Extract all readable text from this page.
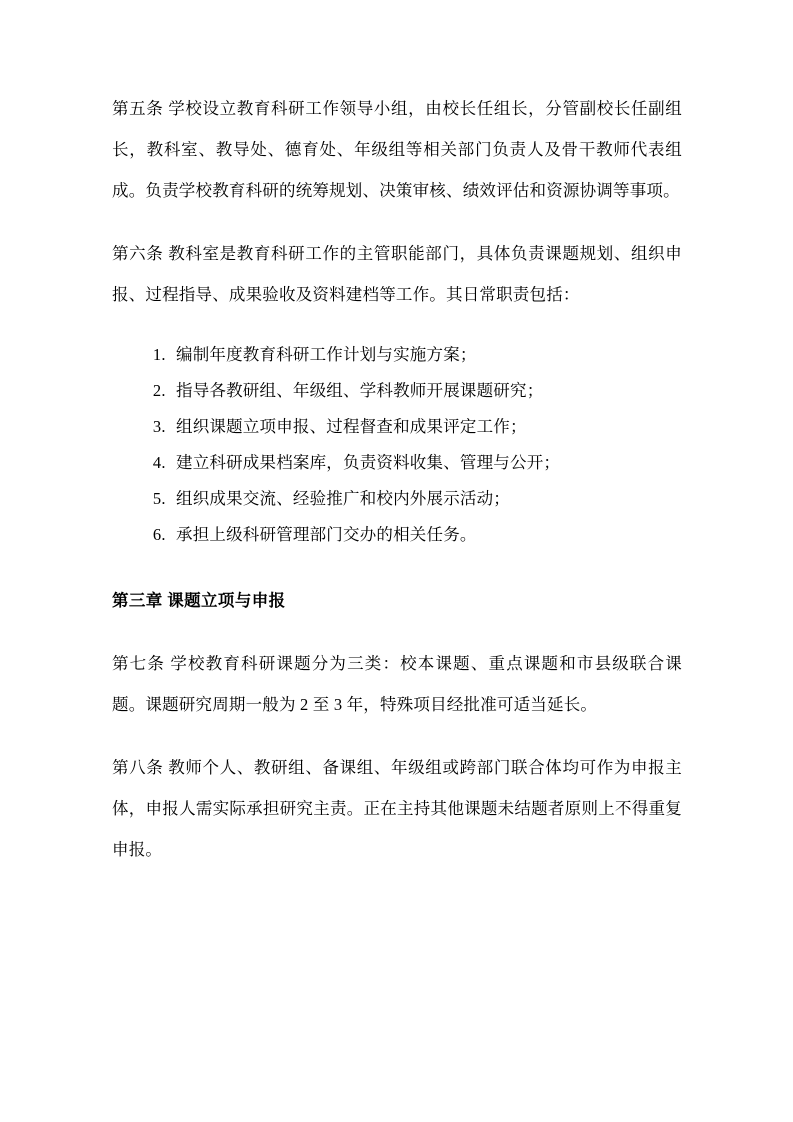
第五条 学校设立教育科研工作领导小组，由校长任组长，分管副校长任副组长，教科室、教导处、德育处、年级组等相关部门负责人及骨干教师代表组成。负责学校教育科研的统筹规划、决策审核、绩效评估和资源协调等事项。

第六条 教科室是教育科研工作的主管职能部门，具体负责课题规划、组织申报、过程指导、成果验收及资料建档等工作。其日常职责包括：

1. 编制年度教育科研工作计划与实施方案；
2. 指导各教研组、年级组、学科教师开展课题研究；
3. 组织课题立项申报、过程督查和成果评定工作；
4. 建立科研成果档案库，负责资料收集、管理与公开；
5. 组织成果交流、经验推广和校内外展示活动；
6. 承担上级科研管理部门交办的相关任务。
第三章 课题立项与申报

第七条 学校教育科研课题分为三类：校本课题、重点课题和市县级联合课题。课题研究周期一般为 2 至 3 年，特殊项目经批准可适当延长。

第八条 教师个人、教研组、备课组、年级组或跨部门联合体均可作为申报主体，申报人需实际承担研究主责。正在主持其他课题未结题者原则上不得重复申报。
